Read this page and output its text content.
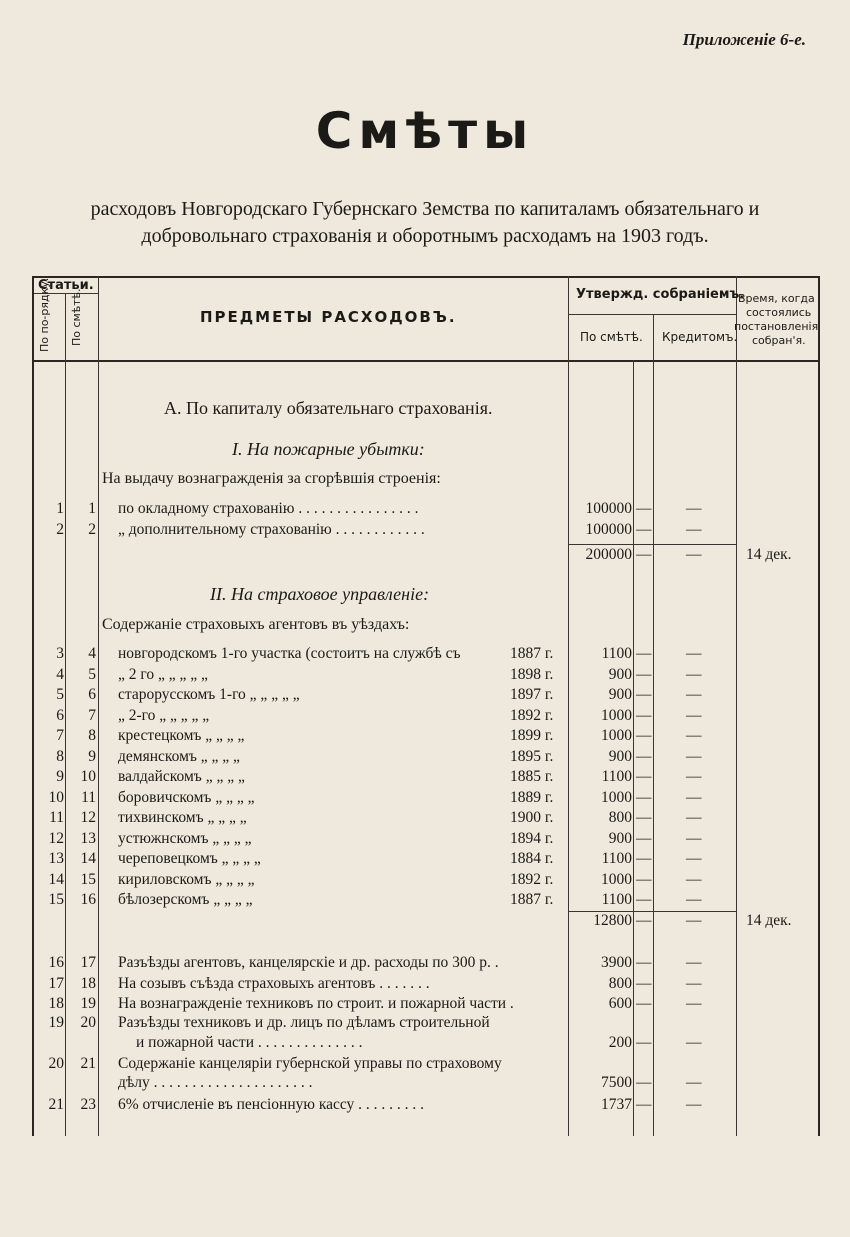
Приложеніе 6-е.
Смѣты
расходовъ Новгородскаго Губернскаго Земства по капиталамъ обязательнаго и
добровольнаго страхованія и оборотнымъ расходамъ на 1903 годъ.
Статьи.
По по-рядку. По смѣтѣ.	ПРЕДМЕТЫ РАСХОДОВЪ.
Утвержд. собраніемъ.
По смѣтѣ. Кредитомъ.
Время, когда
состоялись
постановленія
собран'я.
А. По капиталу обязательнаго страхованія.
I. На пожарные убытки:
На выдачу вознагражденія за сгорѣвшія строенія:
1	1 по окладному страхованію . . . . . . . . . . . . . . . .	100000 — —
2	2 „ дополнительному страхованію . . . . . . . . . . . .	100000 — —
200000 — —	14 дек.
II. На страховое управленіе:
Содержаніе страховыхъ агентовъ въ уѣздахъ:
3	4 новгородскомъ 1-го участка (состоитъ на службѣ съ	1887 г.	1100 — —
4	5 „ 2 го „ „ „ „ „	1898 г.	900 — —
5	6 старорусскомъ 1-го „ „ „ „ „	1897 г.	900 — —
6	7 „ 2-го „ „ „ „ „	1892 г.	1000 — —
7	8 крестецкомъ „ „ „ „	1899 г.	1000 — —
8	9 демянскомъ „ „ „ „	1895 г.	900 — —
9	10 валдайскомъ „ „ „ „	1885 г.	1100 — —
10	11 боровичскомъ „ „ „ „	1889 г.	1000 — —
11	12 тихвинскомъ „ „ „ „	1900 г.	800 — —
12	13 устюжнскомъ „ „ „ „	1894 г.	900 — —
13	14 череповецкомъ „ „ „ „	1884 г.	1100 — —
14	15 кириловскомъ „ „ „ „	1892 г.	1000 — —
15	16 бѣлозерскомъ „ „ „ „	1887 г.	1100 — —
12800 — —	14 дек.
16	17 Разъѣзды агентовъ, канцелярскіе и др. расходы по 300 р. .	3900 — —
17	18 На созывъ съѣзда страховыхъ агентовъ . . . . . . .	800 — —
18	19 На вознагражденіе техниковъ по строит. и пожарной части .	600 — —
19	20 Разъѣзды техниковъ и др. лицъ по дѣламъ строительной
и пожарной части . . . . . . . . . . . . . .	200 — —
20	21 Содержаніе канцеляріи губернской управы по страховому
дѣлу . . . . . . . . . . . . . . . . . . . . .	7500 — —
21	23 6% отчисленіе въ пенсіонную кассу . . . . . . . . .	1737 — —
